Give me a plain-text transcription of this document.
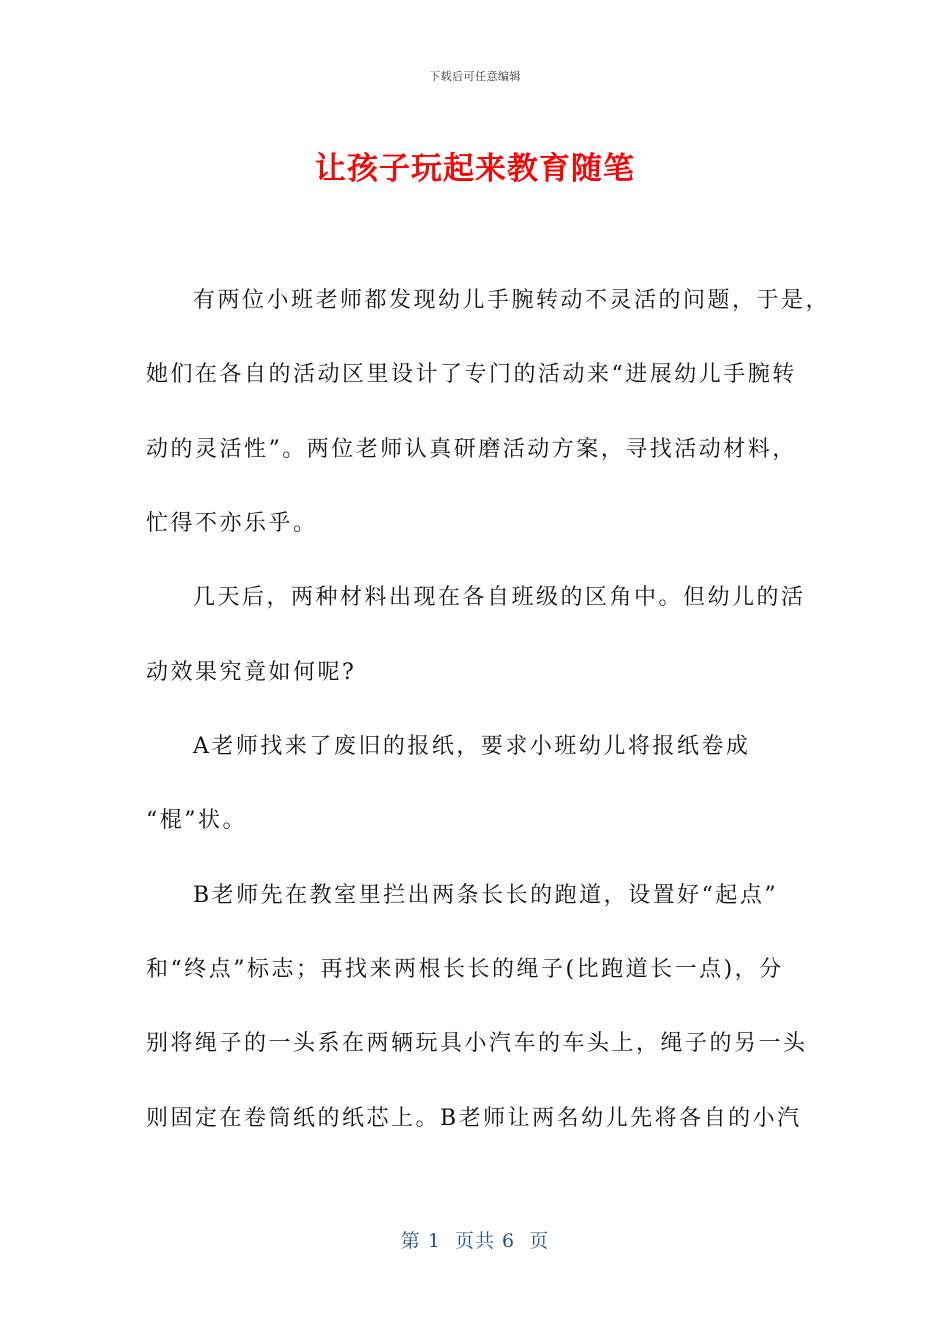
下载后可任意编辑
让孩子玩起来教育随笔
有两位小班老师都发现幼儿手腕转动不灵活的问题，于是，
她们在各自的活动区里设计了专门的活动来“进展幼儿手腕转
动的灵活性”。两位老师认真研磨活动方案，寻找活动材料，
忙得不亦乐乎。
几天后，两种材料出现在各自班级的区角中。但幼儿的活
动效果究竟如何呢?
A老师找来了废旧的报纸，要求小班幼儿将报纸卷成
“棍”状。
B老师先在教室里拦出两条长长的跑道，设置好“起点”
和“终点”标志；再找来两根长长的绳子(比跑道长一点)，分
别将绳子的一头系在两辆玩具小汽车的车头上，绳子的另一头
则固定在卷筒纸的纸芯上。B老师让两名幼儿先将各自的小汽
第 1  页共 6  页
